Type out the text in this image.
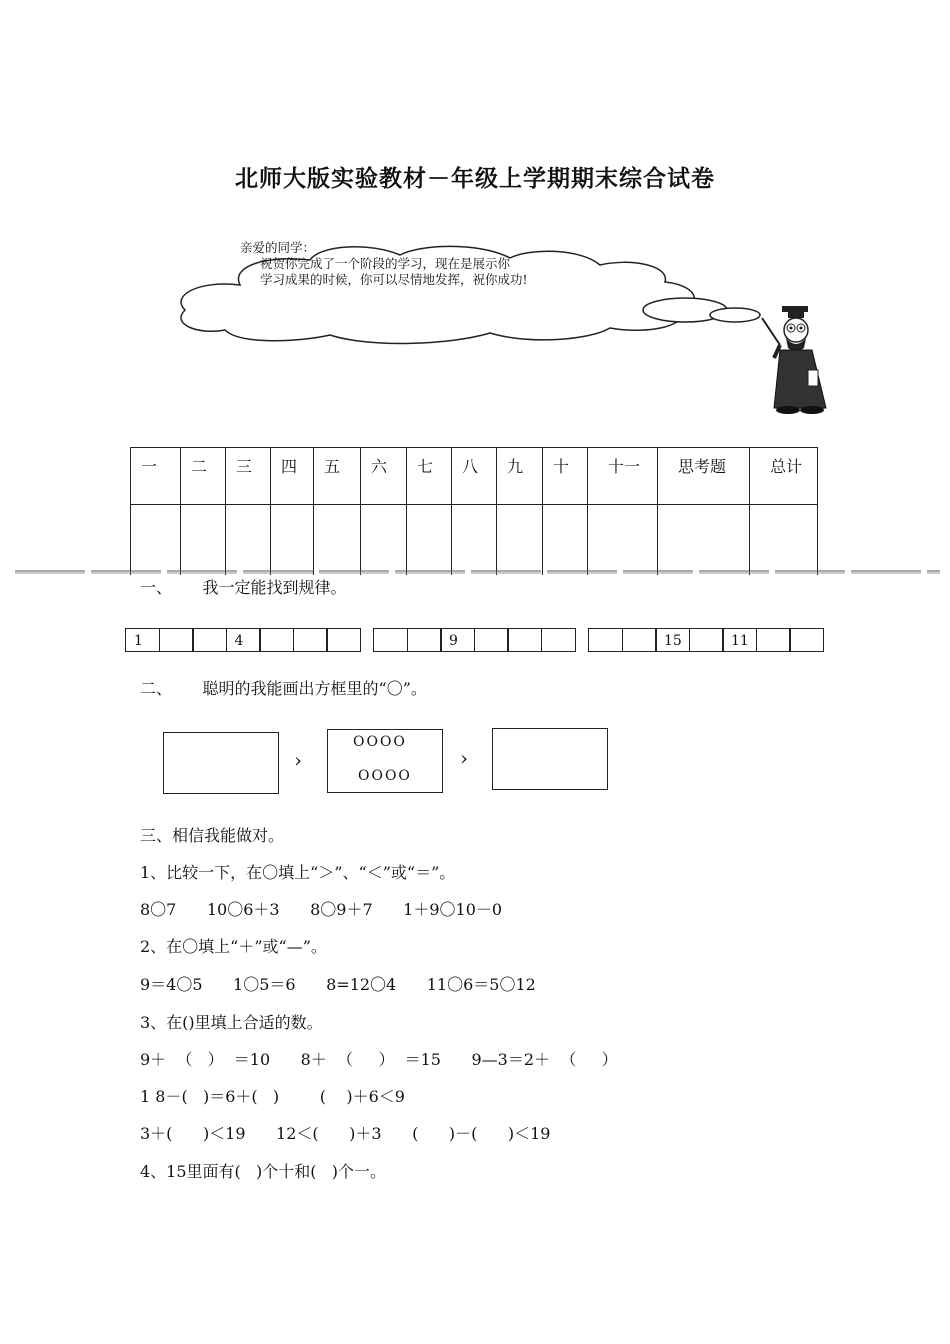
北师大版实验教材－年级上学期期末综合试卷
亲爱的同学：
祝贺你完成了一个阶段的学习，现在是展示你
学习成果的时候，你可以尽情地发挥，祝你成功!
一	二	三	四	五	六	七	八	九	十	十一	思考题	总计

一、      我一定能找到规律。
1	4	9	15	11
二、      聪明的我能画出方框里的“〇”。
›
OOOO
OOOO
›
三、相信我能做对。
1、比较一下，在〇填上“＞”、“＜”或“＝”。
8〇7      10〇6＋3      8〇9＋7      1＋9〇10－0
2、在〇填上“＋”或“—”。
9＝4〇5      1〇5＝6      8=12〇4      11〇6＝5〇12
3、在()里填上合适的数。
9＋  （   ）  ＝10      8＋  （     ）  ＝15      9—3＝2＋  （     ）
1 8－(   )＝6＋(   )        (    )＋6＜9
3＋(      )＜19      12＜(      )＋3      (      )－(      )＜19
4、15里面有(   )个十和(   )个一。
